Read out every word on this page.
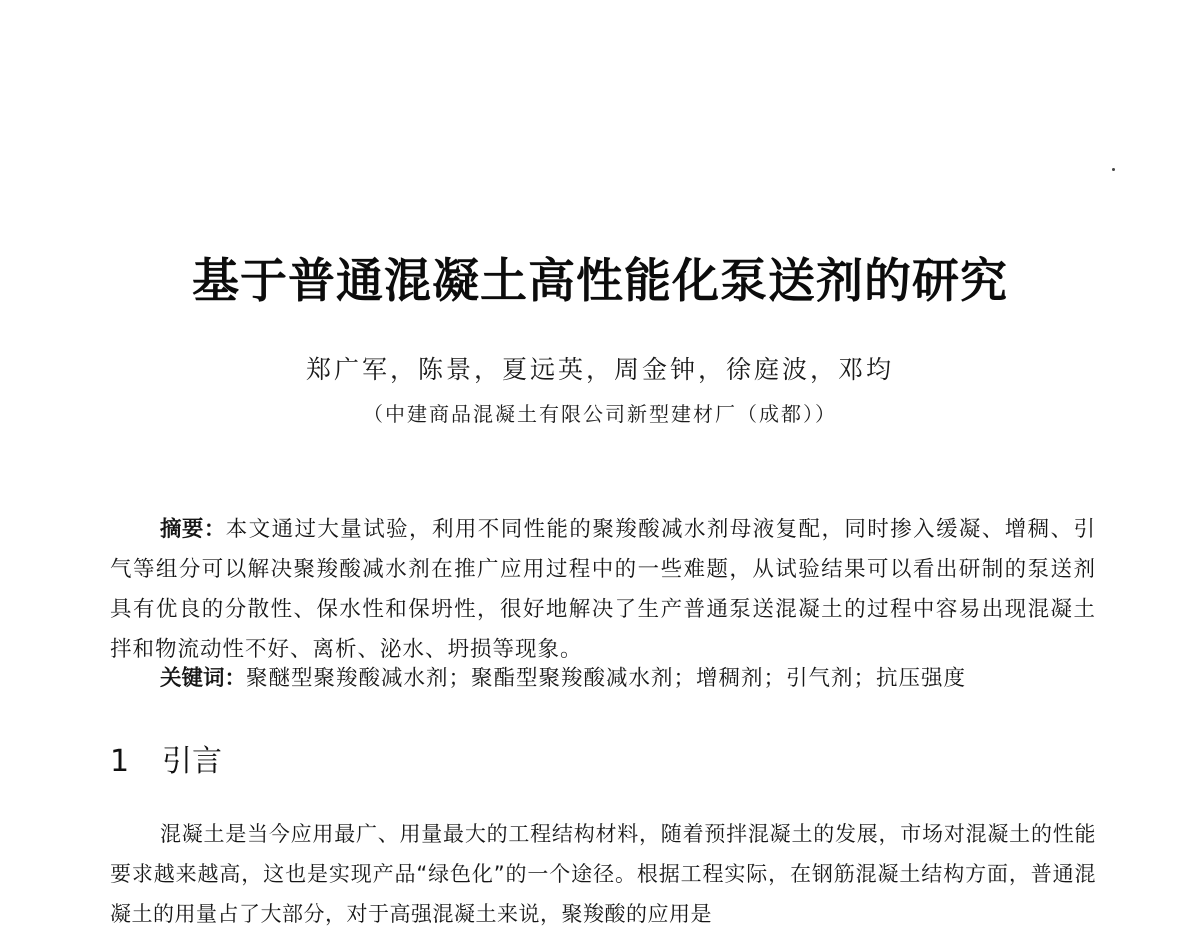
基于普通混凝土高性能化泵送剂的研究
郑广军，陈景，夏远英，周金钟，徐庭波，邓均
（中建商品混凝土有限公司新型建材厂（成都））
摘要：本文通过大量试验，利用不同性能的聚羧酸减水剂母液复配，同时掺入缓凝、增稠、引气等组分可以解决聚羧酸减水剂在推广应用过程中的一些难题，从试验结果可以看出研制的泵送剂具有优良的分散性、保水性和保坍性，很好地解决了生产普通泵送混凝土的过程中容易出现混凝土拌和物流动性不好、离析、泌水、坍损等现象。
关键词：聚醚型聚羧酸减水剂；聚酯型聚羧酸减水剂；增稠剂；引气剂；抗压强度
1 引言
混凝土是当今应用最广、用量最大的工程结构材料，随着预拌混凝土的发展，市场对混凝土的性能要求越来越高，这也是实现产品“绿色化”的一个途径。根据工程实际，在钢筋混凝土结构方面，普通混凝土的用量占了大部分，对于高强混凝土来说，聚羧酸的应用是
